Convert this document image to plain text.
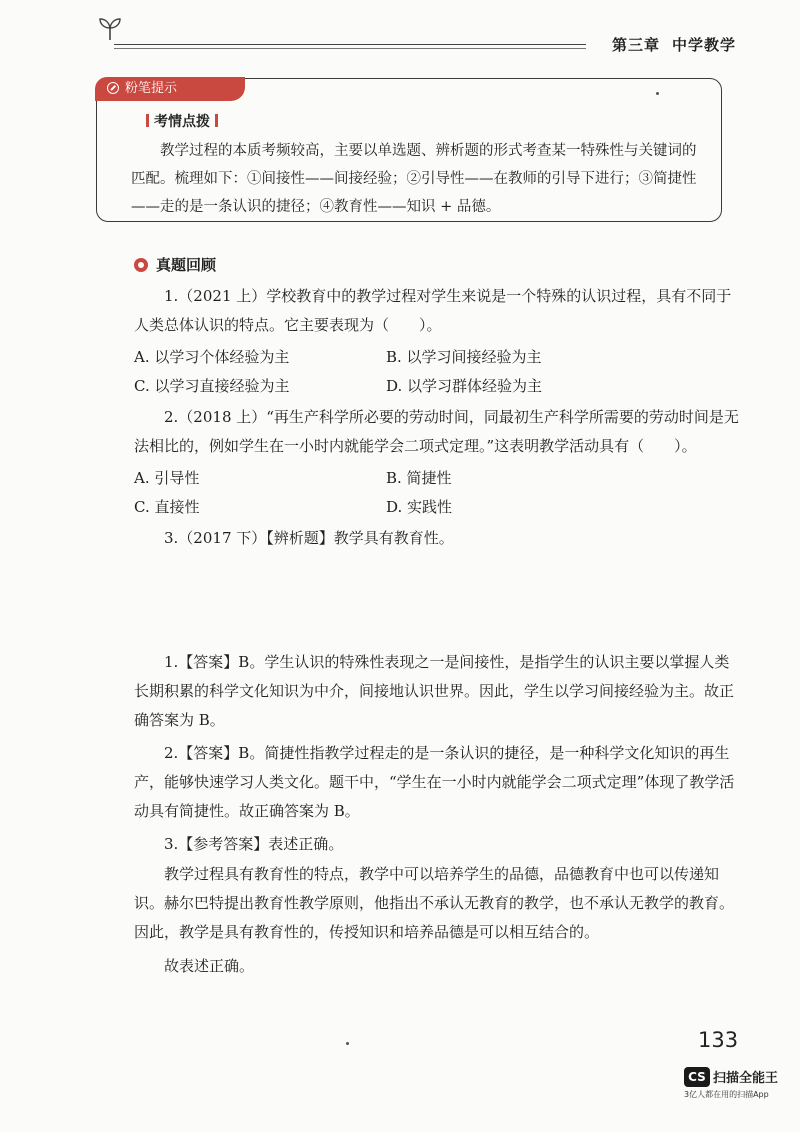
第三章 中学教学
粉笔提示
考情点拨

教学过程的本质考频较高，主要以单选题、辨析题的形式考查某一特殊性与关键词的匹配。梳理如下：①间接性——间接经验；②引导性——在教师的引导下进行；③简捷性——走的是一条认识的捷径；④教育性——知识 + 品德。

真题回顾

1.（2021 上）学校教育中的教学过程对学生来说是一个特殊的认识过程，具有不同于人类总体认识的特点。它主要表现为（　　）。

A. 以学习个体经验为主	B. 以学习间接经验为主
C. 以学习直接经验为主	D. 以学习群体经验为主

2.（2018 上）“再生产科学所必要的劳动时间，同最初生产科学所需要的劳动时间是无法相比的，例如学生在一小时内就能学会二项式定理。”这表明教学活动具有（　　）。

A. 引导性	B. 简捷性
C. 直接性	D. 实践性

3.（2017 下）【辨析题】教学具有教育性。

1.【答案】B。学生认识的特殊性表现之一是间接性，是指学生的认识主要以掌握人类长期积累的科学文化知识为中介，间接地认识世界。因此，学生以学习间接经验为主。故正确答案为 B。

2.【答案】B。简捷性指教学过程走的是一条认识的捷径，是一种科学文化知识的再生产，能够快速学习人类文化。题干中，“学生在一小时内就能学会二项式定理”体现了教学活动具有简捷性。故正确答案为 B。

3.【参考答案】表述正确。

教学过程具有教育性的特点，教学中可以培养学生的品德，品德教育中也可以传递知识。赫尔巴特提出教育性教学原则，他指出不承认无教育的教学，也不承认无教学的教育。因此，教学是具有教育性的，传授知识和培养品德是可以相互结合的。

故表述正确。

133
CS 扫描全能王
3亿人都在用的扫描App
